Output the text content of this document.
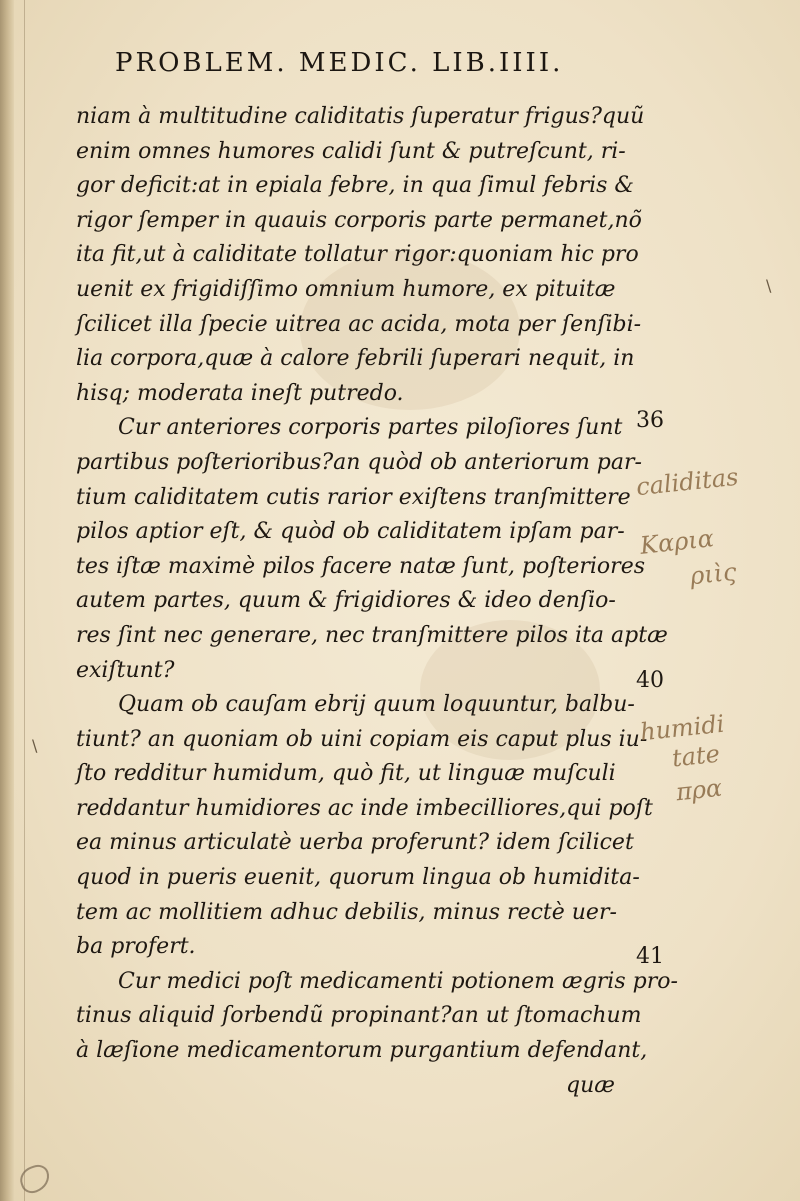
PROBLEM. MEDIC. LIB.IIII.
niam à multitudine caliditatis ſuperatur frigus?quũ
enim omnes humores calidi ſunt & putreſcunt, ri-
gor deficit:at in epiala febre, in qua ſimul febris &
rigor ſemper in quauis corporis parte permanet,nõ
ita fit,ut à caliditate tollatur rigor:quoniam hic pro
uenit ex frigidiſſimo omnium humore, ex pituitæ
ſcilicet illa ſpecie uitrea ac acida, mota per ſenſibi-
lia corpora,quæ à calore febrili ſuperari nequit, in
hisq; moderata ineſt putredo.
Cur anteriores corporis partes piloſiores ſunt
partibus poſterioribus?an quòd ob anteriorum par-
tium caliditatem cutis rarior exiſtens tranſmittere
pilos aptior eſt, & quòd ob caliditatem ipſam par-
tes iſtæ maximè pilos facere natæ ſunt, poſteriores
autem partes, quum & frigidiores & ideo denſio-
res ſint nec generare, nec tranſmittere pilos ita aptæ
exiſtunt?
Quam ob cauſam ebrij quum loquuntur, balbu-
tiunt? an quoniam ob uini copiam eis caput plus iu-
ſto redditur humidum, quò fit, ut linguæ muſculi
reddantur humidiores ac inde imbecilliores,qui poſt
ea minus articulatè uerba proferunt? idem ſcilicet
quod in pueris euenit, quorum lingua ob humidita-
tem ac mollitiem adhuc debilis, minus rectè uer-
ba profert.
Cur medici poſt medicamenti potionem ægris pro-
tinus aliquid ſorbendũ propinant?an ut ſtomachum
à læſione medicamentorum purgantium defendant,
quæ
36
40
41
caliditas
Καρια
ριὶς
humidi
tate
πρα
\
\
